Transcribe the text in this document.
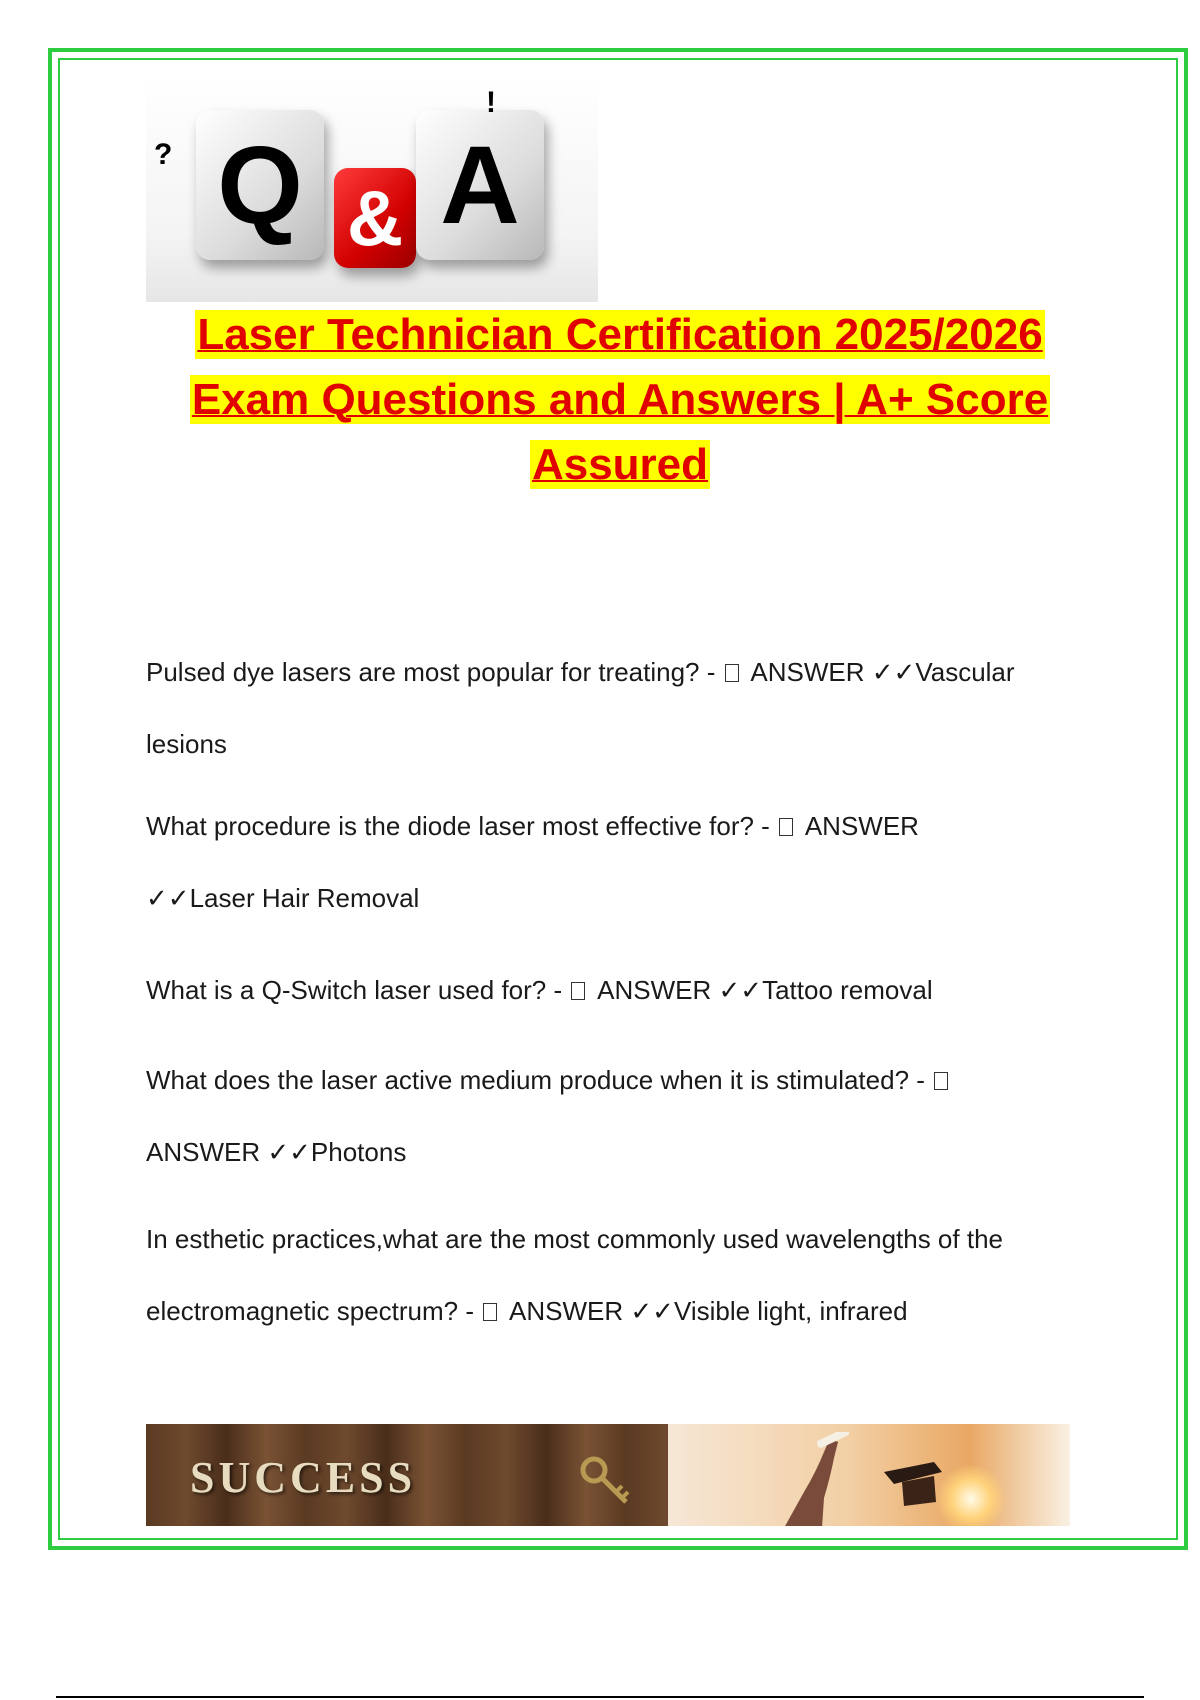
Q
?
& A
!
Laser Technician Certification 2025/2026
Exam Questions and Answers | A+ Score
Assured
Pulsed dye lasers are most popular for treating? -  ANSWER ✓✓Vascular
lesions
What procedure is the diode laser most effective for? -  ANSWER
✓✓Laser Hair Removal
What is a Q-Switch laser used for? -  ANSWER ✓✓Tattoo removal
What does the laser active medium produce when it is stimulated? -
ANSWER ✓✓Photons
In esthetic practices,what are the most commonly used wavelengths of the
electromagnetic spectrum? -  ANSWER ✓✓Visible light, infrared
SUCCESS
